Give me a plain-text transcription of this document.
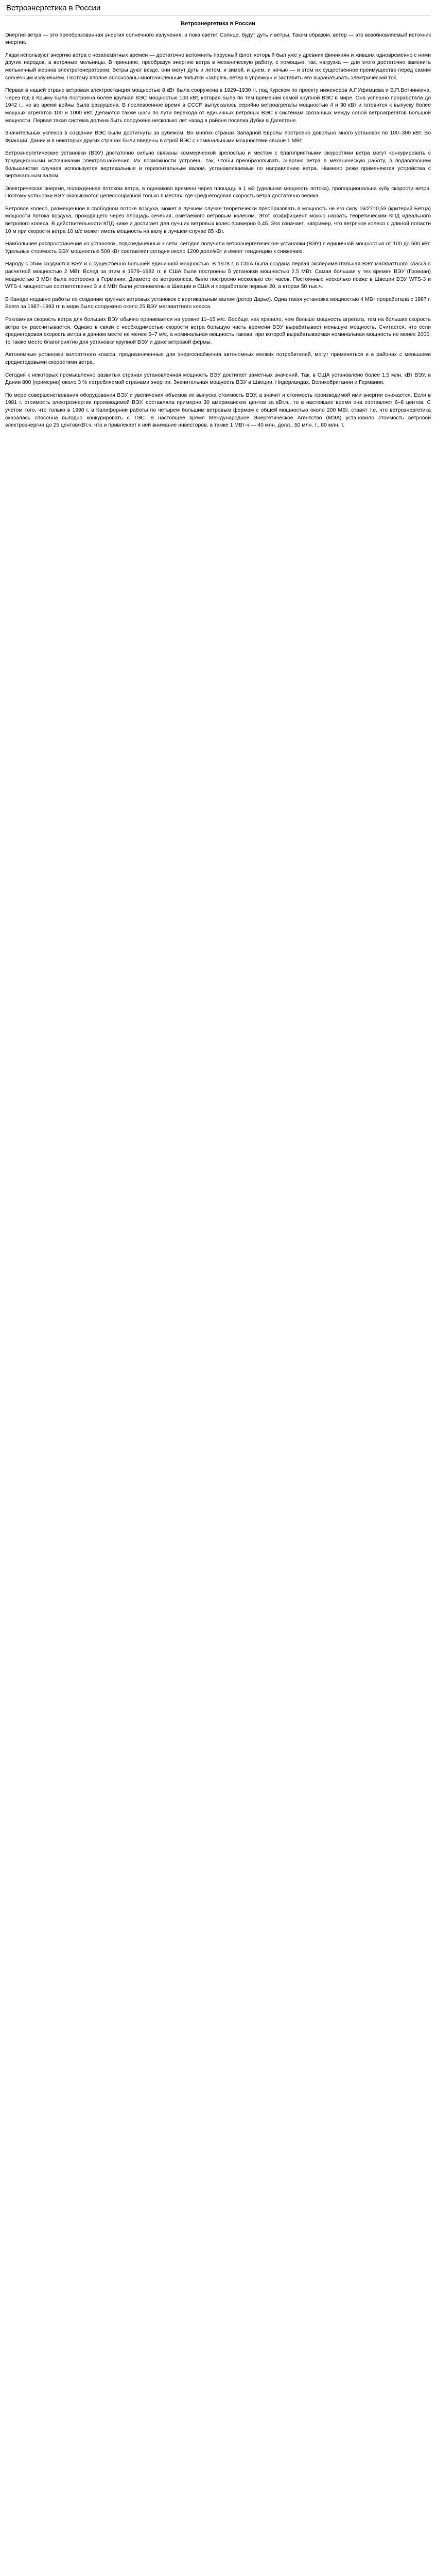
Ветроэнергетика в России
Ветроэнергетика в России

Энергия ветра — это преобразованная энергия солнечного излучения, и пока светит Солнце, будут дуть и ветры. Таким образом, ветер — это возобновляемый источник энергии.

Люди используют энергию ветра с незапамятных времен — достаточно вспомнить парусный флот, который был уже у древних финикиян и живших одновременно с ними других народов, а ветряные мельницы. В принципе, преобразуя энергию ветра в механическую работу, с помощью, так, нагрузка — для этого достаточно заменить мельничный жернов электрогенератором. Ветры дуют везде, они могут дуть и летом, и зимой, и днем, и ночью — и этом их существенное преимущество перед самим солнечным излучением. Поэтому вполне обоснованы многочисленные попытки «запрячь ветер в упряжку» и заставить его вырабатывать электрический ток.

Первая в нашей стране ветровая электростанция мощностью 8 кВт была сооружена в 1929–1930 гг. под Курском по проекту инженеров А.Г.Уфимцева и В.П.Ветчинкина. Через год в Крыму была построена более крупная ВЭС мощностью 100 кВт, которая была по тем временам самой крупной ВЭС в мире. Она успешно проработала до 1942 г., но во время войны была разрушена. В послевоенное время в СССР выпускалось серийно ветроагрегаты мощностью 4 и 30 кВт и готовится к выпуску более мощных агрегатов 100 и 1000 кВт. Делаются также шаги по пути перехода от единичных ветряных ВЭС к системам связанных между собой ветроагрегатов большой мощности. Первая такая система должна быть сооружена несколько лет назад в районе поселка Дубки в Дагестане.

Значительных успехов в создании ВЭС были достигнуты за рубежом. Во многих странах Западной Европы построено довольно много установок по 100–300 кВт. Во Франции, Дании и в некоторых других странах были введены в строй ВЭС с номинальными мощностями свыше 1 МВт.

Ветроэнергетические установки (ВЭУ) достаточно сильно связаны коммерческой зрелостью и местом с благоприятными скоростями ветра могут конкурировать с традиционными источниками электроснабжения. Их возможности устроены так, чтобы преобразовывать энергию ветра в механическую работу, в подавляющем большинстве случаев используется вертикальные и горизонтальным валом, устанавливаемые по направлению ветра. Намного реже применяются устройства с вертикальным валом.

Электрическая энергия, порожденная потоком ветра, в одинаково времени через площадь в 1 м2 (удельная мощность потока), пропорциональна кубу скорости ветра. Поэтому установки ВЭУ оказываются целесообразной только в местах, где среднегодовая скорость ветра достаточно велика.

Ветровое колесо, размещенное в свободном потоке воздуха, может в лучшем случае теоретически преобразовать в мощность не его силу 16/27=0,59 (критерий Бетца) мощности потока воздуха, проходящего через площадь сечения, ометаемого ветровым колесом. Этот коэффициент можно назвать теоретическим КПД идеального ветрового колеса. В действительности КПД ниже и достигает для лучших ветровых колес примерно 0,45. Это означает, например, что ветряное колесо с длиной лопасти 10 м при скорости ветра 10 м/с может иметь мощность на валу в лучшем случае 85 кВт.

Наибольшее распространение из установок, подсоединенных к сети, сегодня получили ветроэнергетические установки (ВЭУ) с единичной мощностью от 100 до 500 кВт. Удельные стоимость ВЭУ мощностью 500 кВт составляет сегодня около 1200 долл/кВт и имеет тенденцию к снижению.

Наряду с этим создаются ВЭУ и с существенно большей единичной мощностью. В 1978 г. в США была создана первая экспериментальная ВЭУ магаваттного класса с расчетной мощностью 2 МВт. Вслед за этим в 1979–1982 гг. в США были построены 5 установки мощностью 2,5 МВт. Самая большая у тех времен ВЭУ (Гровиан) мощностью 3 МВт была построена в Германии. Диаметр ее ветроколеса, было построено несколько сот часов. Постоянные несколько позже в Швеции ВЭУ WTS-3 и WTS-4 мощностью соответственно 3 и 4 МВт были установлены в Швеции и США и проработали первые 20, а вторая 50 тыс.ч.

В Канаде недавно работы по созданию крупных ветровых установок с вертикальным валом (ротор Дарье). Одна такая установка мощностью 4 МВт проработала с 1987 г. Всего за 1987–1993 гг. в мире было сооружено около 25 ВЭУ магаваттного класса.

Рекламная скорость ветра для больших ВЭУ обычно принимается на уровне 11–15 м/с. Вообще, как правило, чем больше мощность агрегата, тем на больших скорость ветра он рассчитывается. Однако в связи с необходимостью скорости ветра большую часть времени ВЭУ вырабатывает меньшую мощность. Считается, что если среднегодовая скорость ветра в данном месте не менее 5–7 м/с, а номинальная мощность такова, при которой вырабатываемая номинальная мощность не менее 2000, то также место благоприятно для установки крупной ВЭУ и даже ветровой фермы.

Автономные установки килоаттного класса, предназначенные для энергоснабжения автономных мелких потребителей, могут применяться и в районах с меньшими среднегодовыми скоростями ветра.

Сегодня к некоторых промышленно развитых странах установленная мощность ВЭУ достигает заметных значений. Так, в США установлено более 1,5 млн. кВт ВЭУ, в Дании 800 (примерно) около 3 % потребляемой странами энергии. Значительная мощность ВЭУ в Швеции, Нидерландах, Великобритании и Германии.

По мере совершенствования оборудования ВЭУ и увеличения объемов их выпуска стоимость ВЭУ, а значит и стоимость производимой ими энергии снижается. Если в 1981 г. стоимость электроэнергии производимой ВЭУ, составляла примерно 30 американских центов за кВт.ч., то в настоящее время она составляет 6–8 центов. С учетом того, что только в 1990 г. в Калифорнии работы по четырем большим ветровым фермам с общей мощностью около 200 МВт, ставят т.е. что ветроэнергетика оказалась способна выгодно конкурировать с ТЭС. В настоящее время Международное Энергетическое Агентство (МЭА) установило стоимость ветровой электроэнергии до 25 центов/кВт.ч, что и привлекает к ней внимание инвесторов; а также 1 МВт-ч — 40 млн. долл., 50 млн. т., 80 млн. т.
